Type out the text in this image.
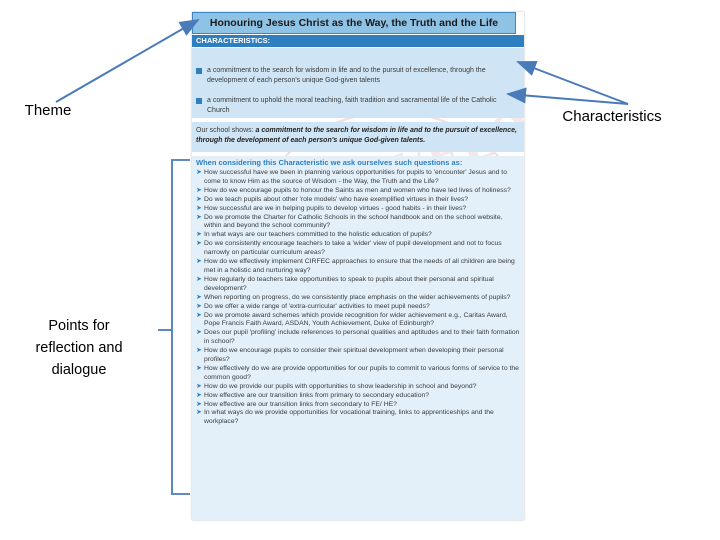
Honouring Jesus Christ as the Way, the Truth and the Life
CHARACTERISTICS:
a commitment to the search for wisdom in life and to the pursuit of excellence, through the development of each person's unique God-given talents
a commitment to uphold the moral teaching, faith tradition and sacramental life of the Catholic Church
Our school shows: a commitment to the search for wisdom in life and to the pursuit of excellence, through the development of each person's unique God-given talents.
When considering this Characteristic we ask ourselves such questions as:
➤ How successful have we been in planning various opportunities for pupils to 'encounter' Jesus and to come to know Him as the source of Wisdom - the Way, the Truth and the Life?
➤ How do we encourage pupils to honour the Saints as men and women who have led lives of holiness?
➤ Do we teach pupils about other 'role models' who have exemplified virtues in their lives?
➤ How successful are we in helping pupils to develop virtues - good habits - in their lives?
➤ Do we promote the Charter for Catholic Schools in the school handbook and on the school website, within and beyond the school community?
➤ In what ways are our teachers committed to the holistic education of pupils?
➤ Do we consistently encourage teachers to take a 'wider' view of pupil development and not to focus narrowly on particular curriculum areas?
➤ How do we effectively implement CIRFEC approaches to ensure that the needs of all children are being met in a holistic and nurturing way?
➤ How regularly do teachers take opportunities to speak to pupils about their personal and spiritual development?
➤ When reporting on progress, do we consistently place emphasis on the wider achievements of pupils?
➤ Do we offer a wide range of 'extra-curricular' activities to meet pupil needs?
➤ Do we promote award schemes which provide recognition for wider achievement e.g., Caritas Award, Pope Francis Faith Award, ASDAN, Youth Achievement, Duke of Edinburgh?
➤ Does our pupil 'profiling' include references to personal qualities and aptitudes and to their faith formation in school?
➤ How do we encourage pupils to consider their spiritual development when developing their personal profiles?
➤ How effectively do we are provide opportunities for our pupils to commit to various forms of service to the common good?
➤ How do we provide our pupils with opportunities to show leadership in school and beyond?
➤ How effective are our transition links from primary to secondary education?
➤ How effective are our transition links from secondary to FE/ HE?
➤ In what ways do we provide opportunities for vocational training, links to apprenticeships and the workplace?
Theme	Characteristics
Points for reflection and dialogue
